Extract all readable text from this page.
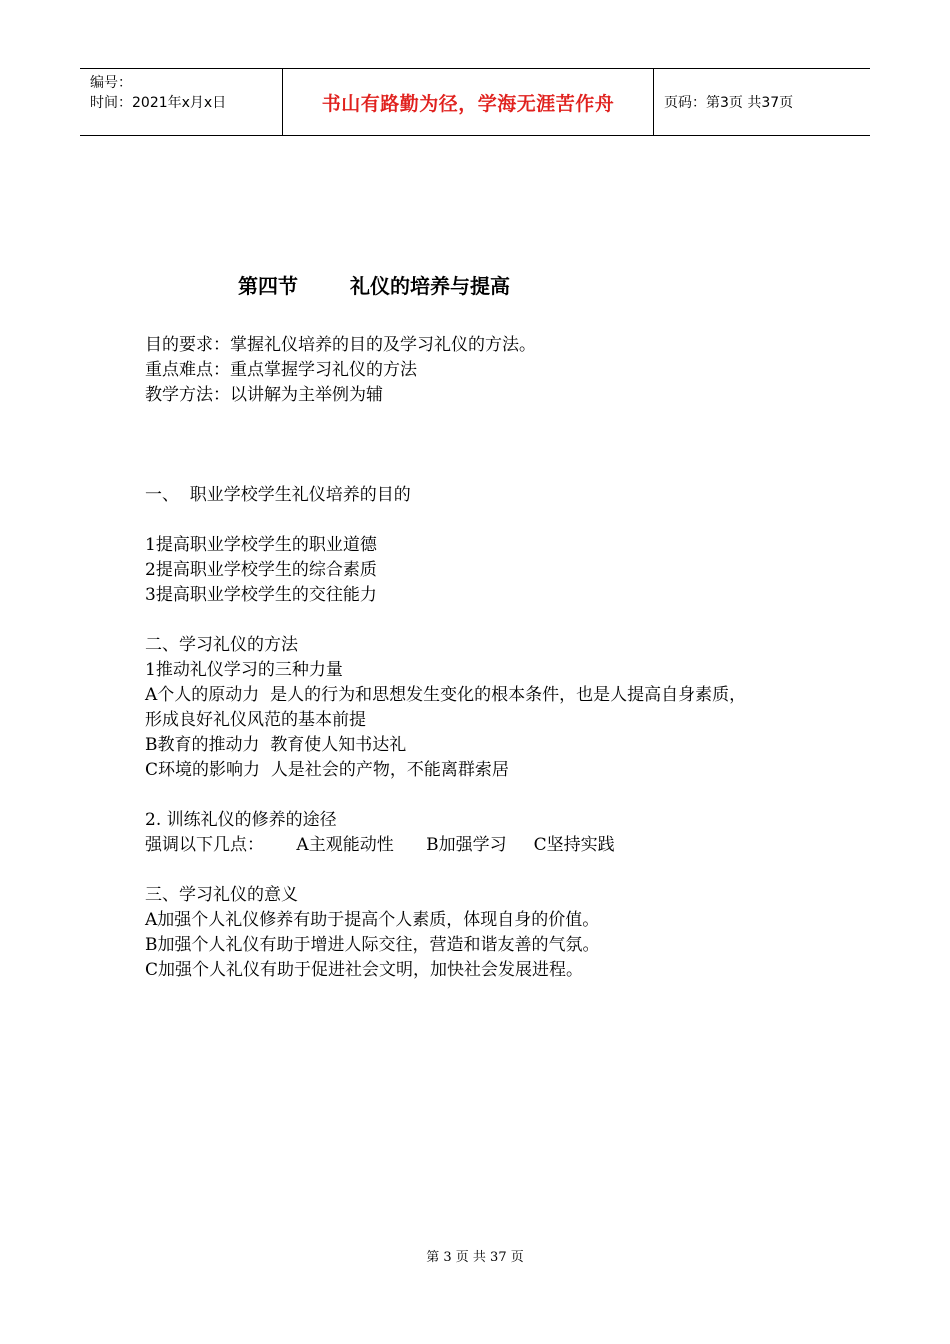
编号：
时间：2021年x月x日	书山有路勤为径，学海无涯苦作舟	页码：第3页 共37页
第四节	礼仪的培养与提高
目的要求：掌握礼仪培养的目的及学习礼仪的方法。
重点难点：重点掌握学习礼仪的方法
教学方法：以讲解为主举例为辅
一、  职业学校学生礼仪培养的目的
1提高职业学校学生的职业道德
2提高职业学校学生的综合素质
3提高职业学校学生的交往能力
二、学习礼仪的方法
1推动礼仪学习的三种力量
A个人的原动力  是人的行为和思想发生变化的根本条件，也是人提高自身素质，
形成良好礼仪风范的基本前提
B教育的推动力  教育使人知书达礼
C环境的影响力  人是社会的产物，不能离群索居
2. 训练礼仪的修养的途径
强调以下几点：      A主观能动性      B加强学习     C坚持实践
三、学习礼仪的意义
A加强个人礼仪修养有助于提高个人素质，体现自身的价值。
B加强个人礼仪有助于增进人际交往，营造和谐友善的气氛。
C加强个人礼仪有助于促进社会文明，加快社会发展进程。
第 3 页 共 37 页
